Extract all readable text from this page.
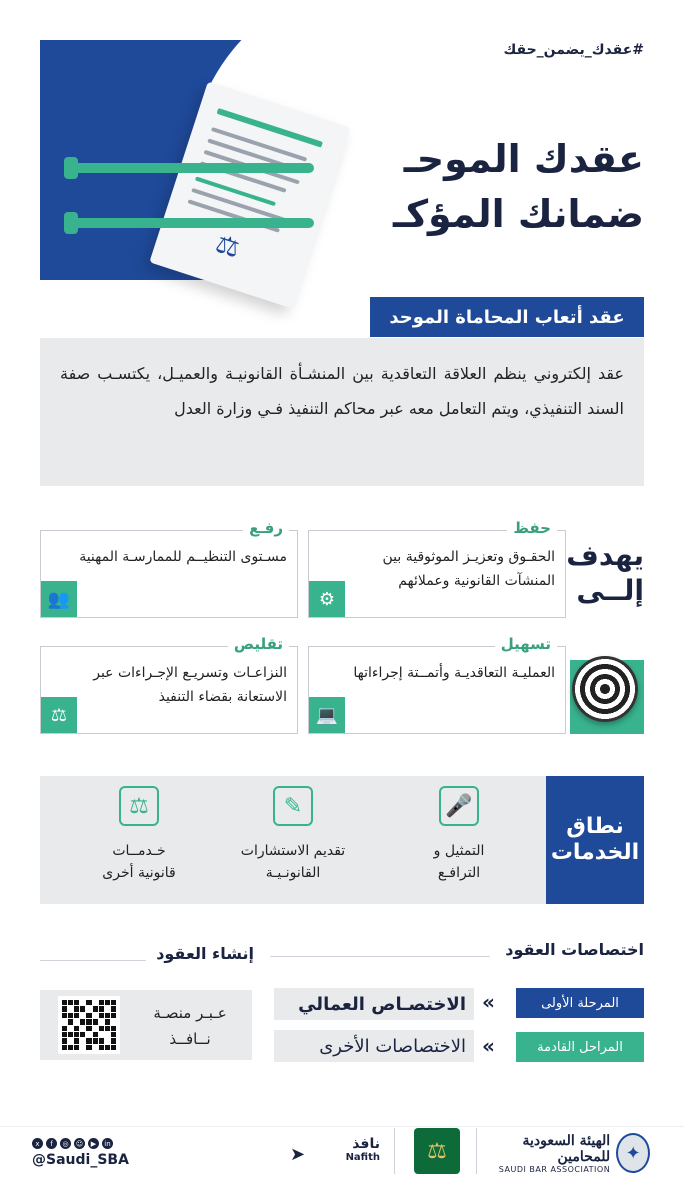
⚖
#عقدك_يضمن_حقك
عقدك الموحـ
ضمانك المؤكـ
عقد أتعاب المحاماة الموحد
عقد إلكتروني ينظم العلاقة التعاقدية بين المنشـأة القانونيـة والعميـل، يكتسـب صفة السند التنفيذي، ويتم التعامل معه عبر محاكم التنفيذ فـي وزارة العدل
يهدف
إلــى
حفظ
الحقـوق وتعزيـز الموثوقية بين المنشآت القانونية وعملائهم
⚙
رفـع
مسـتوى التنظيــم للممارسـة المهنية
👥
تسهيل
العمليـة التعاقديـة وأتمــتة إجراءاتها
💻
تقليص
النزاعـات وتسريـع الإجـراءات عبر الاستعانة بقضاء التنفيذ
⚖
نطاق الخدمات
🎤
التمثيل و
الترافـع
✎
تقديم الاستشارات
القانونـيـة
⚖
خـدمــات
قانونية أخرى
اختصاصات العقود
إنشاء العقود
المرحلة الأولى
«
الاختصـاص العمالي
المراحل القادمة
«
الاختصاصات الأخرى
عـبـر منصـة
نــافــذ
✦
الهيئة السعودية للمحامين
SAUDI BAR ASSOCIATION
⚖
نافذ
Nafith
➤
x	f	◎	☺	▶	in
@Saudi_SBA
